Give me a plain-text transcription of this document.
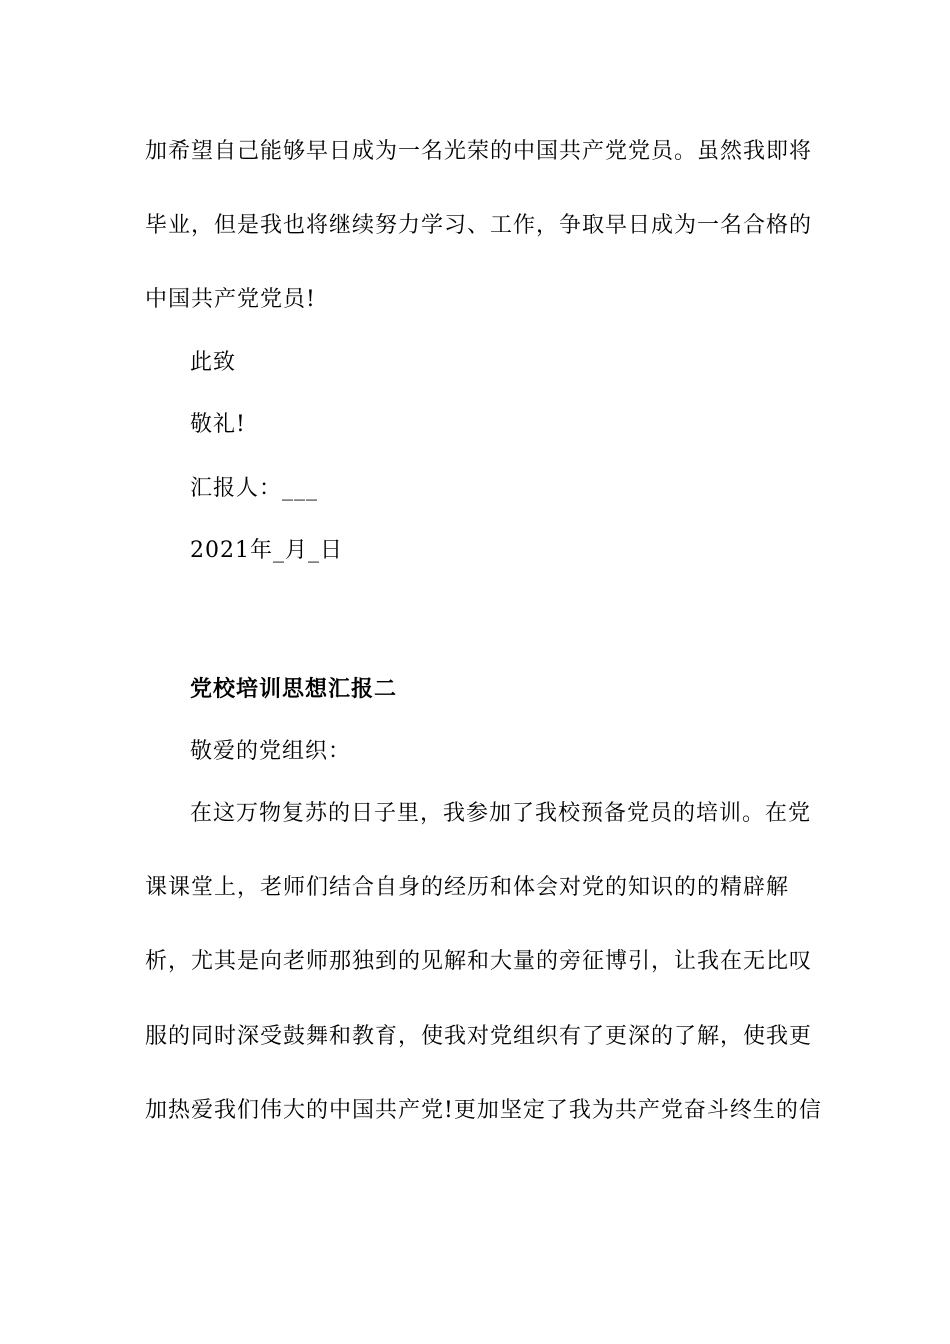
加希望自己能够早日成为一名光荣的中国共产党党员。虽然我即将
毕业，但是我也将继续努力学习、工作，争取早日成为一名合格的
中国共产党党员!
此致
敬礼!
汇报人：___
2021年_月_日
党校培训思想汇报二
敬爱的党组织：
在这万物复苏的日子里，我参加了我校预备党员的培训。在党
课课堂上，老师们结合自身的经历和体会对党的知识的的精辟解
析，尤其是向老师那独到的见解和大量的旁征博引，让我在无比叹
服的同时深受鼓舞和教育，使我对党组织有了更深的了解，使我更
加热爱我们伟大的中国共产党!更加坚定了我为共产党奋斗终生的信
